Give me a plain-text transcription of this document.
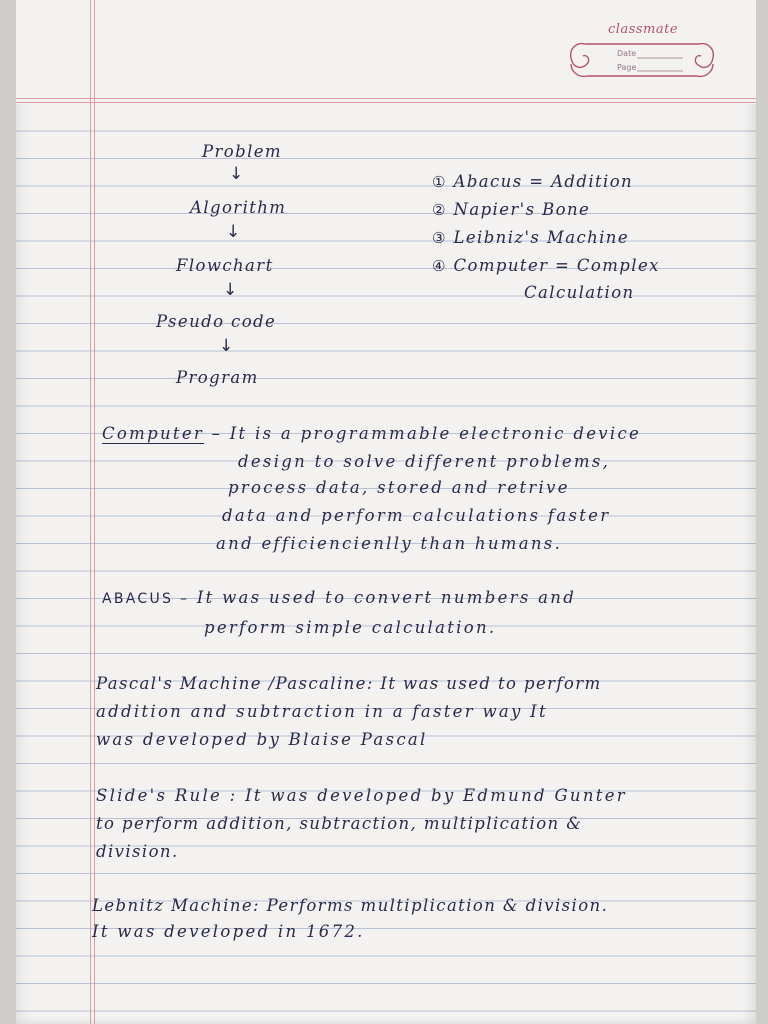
classmate

Date
Page

Problem

↓

Algorithm

↓

Flowchart

↓

Pseudo code

↓

Program

① Abacus = Addition

② Napier's Bone

③ Leibniz's Machine

④ Computer = Complex

Calculation

Computer – It is a programmable electronic device

design to solve different problems,

process data, stored and retrive

data and perform calculations faster

and efficiencienlly than humans.

ABACUS – It was used to convert numbers and

perform simple calculation.

Pascal's Machine /Pascaline: It was used to perform

addition and subtraction in a faster way It

was developed by Blaise Pascal

Slide's Rule : It was developed by Edmund Gunter

to perform addition, subtraction, multiplication &

division.

Lebnitz Machine: Performs multiplication & division.

It was developed in 1672.
